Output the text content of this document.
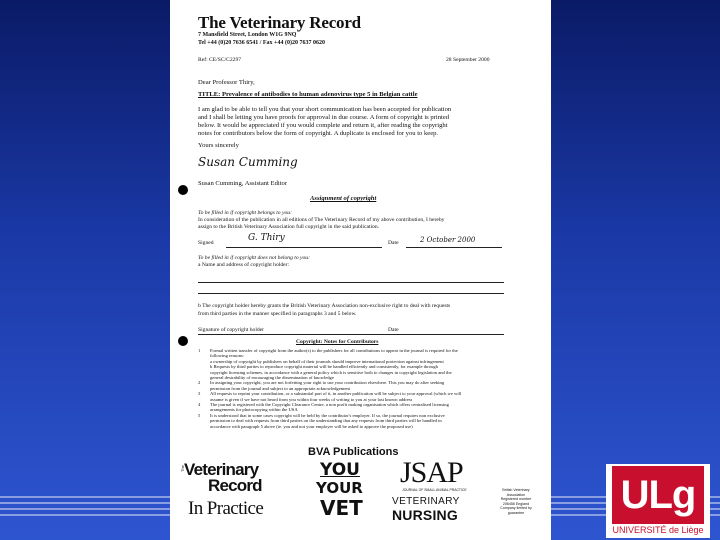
The Veterinary Record
7 Mansfield Street, London W1G 9NQ
Tel +44 (0)20 7636 6541 / Fax +44 (0)20 7637 0620
Ref: CE/SC/C2297	28 September 2000
Dear Professor Thiry,
TITLE: Prevalence of antibodies to human adenovirus type 5 in Belgian cattle
I am glad to be able to tell you that your short communication has been accepted for publication
and I shall be letting you have proofs for approval in due course. A form of copyright is printed
below. It would be appreciated if you would complete and return it, after reading the copyright
notes for contributors below the form of copyright. A duplicate is enclosed for you to keep.
Yours sincerely
Susan Cumming
Susan Cumming, Assistant Editor
Assignment of copyright
To be filled in if copyright belongs to you:
In consideration of the publication in all editions of The Veterinary Record of my above contribution, I hereby
assign to the British Veterinary Association full copyright in the said publication.
Signed	G. Thiry	Date	2 October 2000
To be filled in if copyright does not belong to you:
a Name and address of copyright holder:
b The copyright holder hereby grants the British Veterinary Association non-exclusive right to deal with requests
from third parties in the manner specified in paragraphs 3 and 5 below.
Signature of copyright holder	Date
Copyright: Notes for Contributors
1	Formal written transfer of copyright from the author(s) to the publishers for all contributions to appear in the journal is required for the
following reasons:
a ownership of copyright by publishers on behalf of their journals should improve international protection against infringement
b Requests by third parties to reproduce copyright material will be handled efficiently and consistently, for example through
copyright licensing schemes, in accordance with a general policy which is sensitive both to changes in copyright legislation and the
general desirability of encouraging the dissemination of knowledge
2	In assigning your copyright, you are not forfeiting your right to use your contribution elsewhere. This you may do after seeking
permission from the journal and subject to an appropriate acknowledgement
3	All requests to reprint your contribution, or a substantial part of it, in another publication will be subject to your approval (which we will
assume is given if we have not heard from you within four weeks of writing to you at your last known address
4	The journal is registered with the Copyright Clearance Centre, a non profit making organisation which offers centralised licensing
arrangements for photocopying within the USA
5	It is understood that in some cases copyright will be held by the contributor's employer. If so, the journal requires non exclusive
permission to deal with requests from third parties on the understanding that any requests from third parties will be handled in
accordance with paragraph 5 above (ie. you and not your employer will be asked to approve the proposed use)
BVA Publications
The Veterinary
Record
In Practice
YOU
YOUR
VET
JSAP
JOURNAL OF SMALL ANIMAL PRACTICE
VETERINARY
NURSING
British Veterinary
Association
Registered number
206456 England
Company limited by
guarantee	ULg
UNIVERSITÉ de Liège
